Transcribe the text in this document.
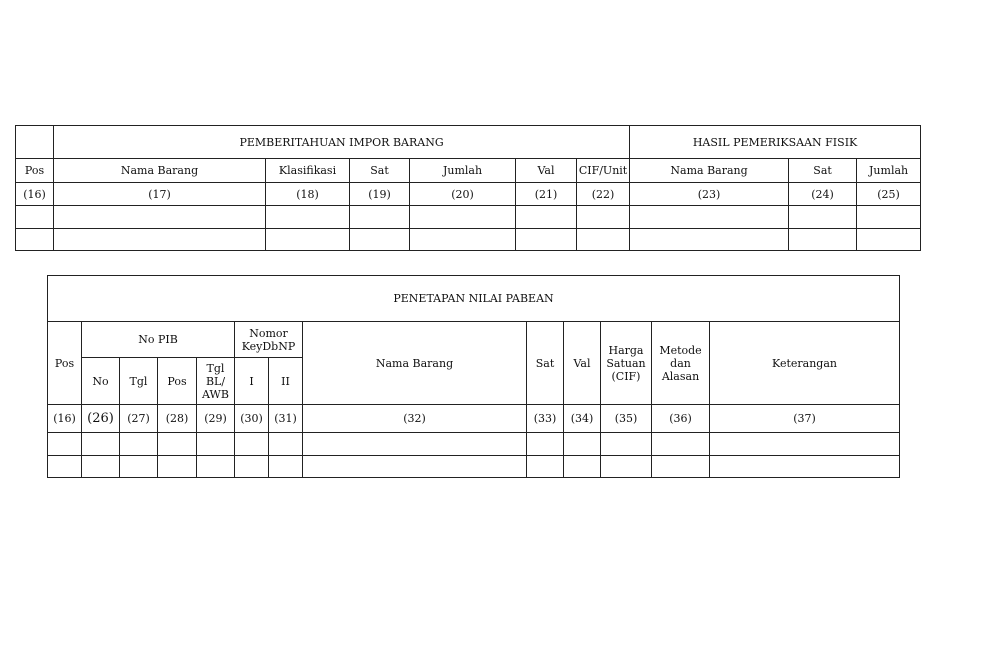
	PEMBERITAHUAN IMPOR BARANG						HASIL PEMERIKSAAN FISIK		
Pos	Nama Barang	Klasifikasi	Sat	Jumlah	Val	CIF/Unit	Nama Barang	Sat	Jumlah
(16)	(17)	(18)	(19)	(20)	(21)	(22)	(23)	(24)	(25)

PENETAPAN NILAI PABEAN												
Pos	No PIB				Nomor KeyDbNP		Nama Barang	Sat	Val	Harga Satuan (CIF)	Metode dan Alasan	Keterangan
	No	Tgl	Pos	Tgl BL/ AWB	I	II						
(16)	(26)	(27)	(28)	(29)	(30)	(31)	(32)	(33)	(34)	(35)	(36)	(37)
